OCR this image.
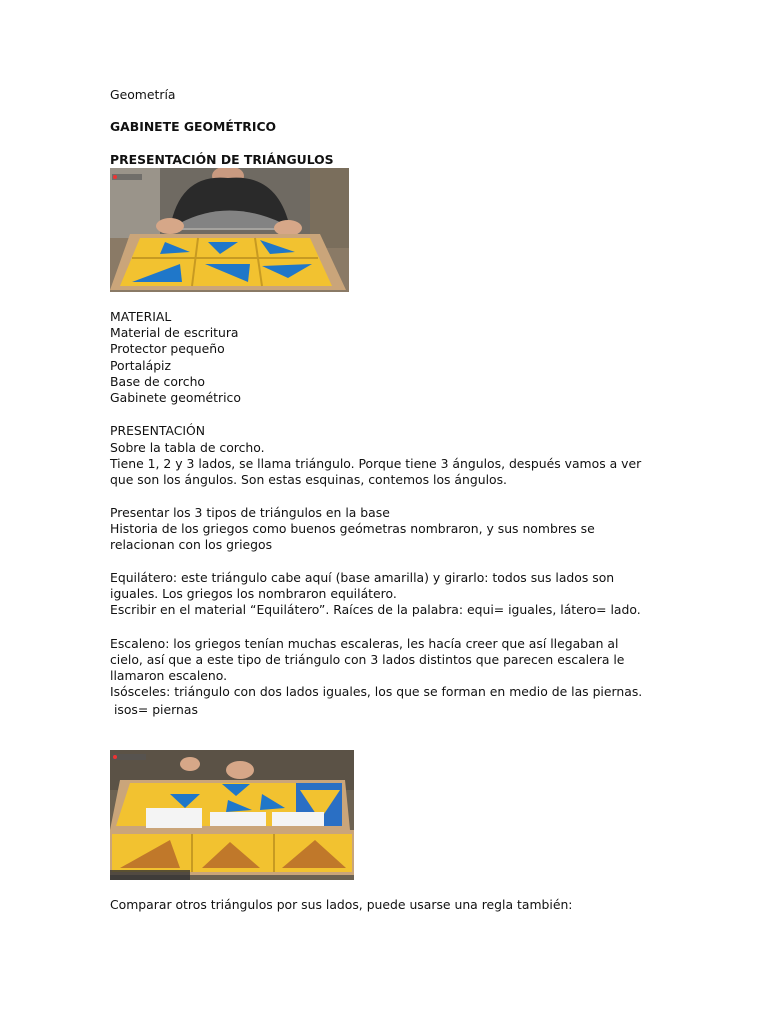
Geometría
GABINETE GEOMÉTRICO
PRESENTACIÓN DE TRIÁNGULOS
MATERIAL
Material de escritura
Protector pequeño
Portalápiz
Base de corcho
Gabinete geométrico
PRESENTACIÓN
Sobre la tabla de corcho.
Tiene 1, 2 y 3 lados, se llama triángulo. Porque tiene 3 ángulos, después vamos a ver que son los ángulos. Son estas esquinas, contemos los ángulos.
Presentar los 3 tipos de triángulos en la base
Historia de los griegos como buenos geómetras nombraron, y sus nombres se relacionan con los griegos
Equilátero: este triángulo cabe aquí (base amarilla) y girarlo: todos sus lados son iguales. Los griegos los nombraron equilátero.
Escribir en el material “Equilátero”. Raíces de la palabra: equi= iguales, látero= lado.
Escaleno: los griegos tenían muchas escaleras, les hacía creer que así llegaban al cielo, así que a este tipo de triángulo con 3 lados distintos que parecen escalera le llamaron escaleno.
Isósceles: triángulo con dos lados iguales, los que se forman en medio de las piernas.
isos= piernas
Comparar otros triángulos por sus lados, puede usarse una regla también:
